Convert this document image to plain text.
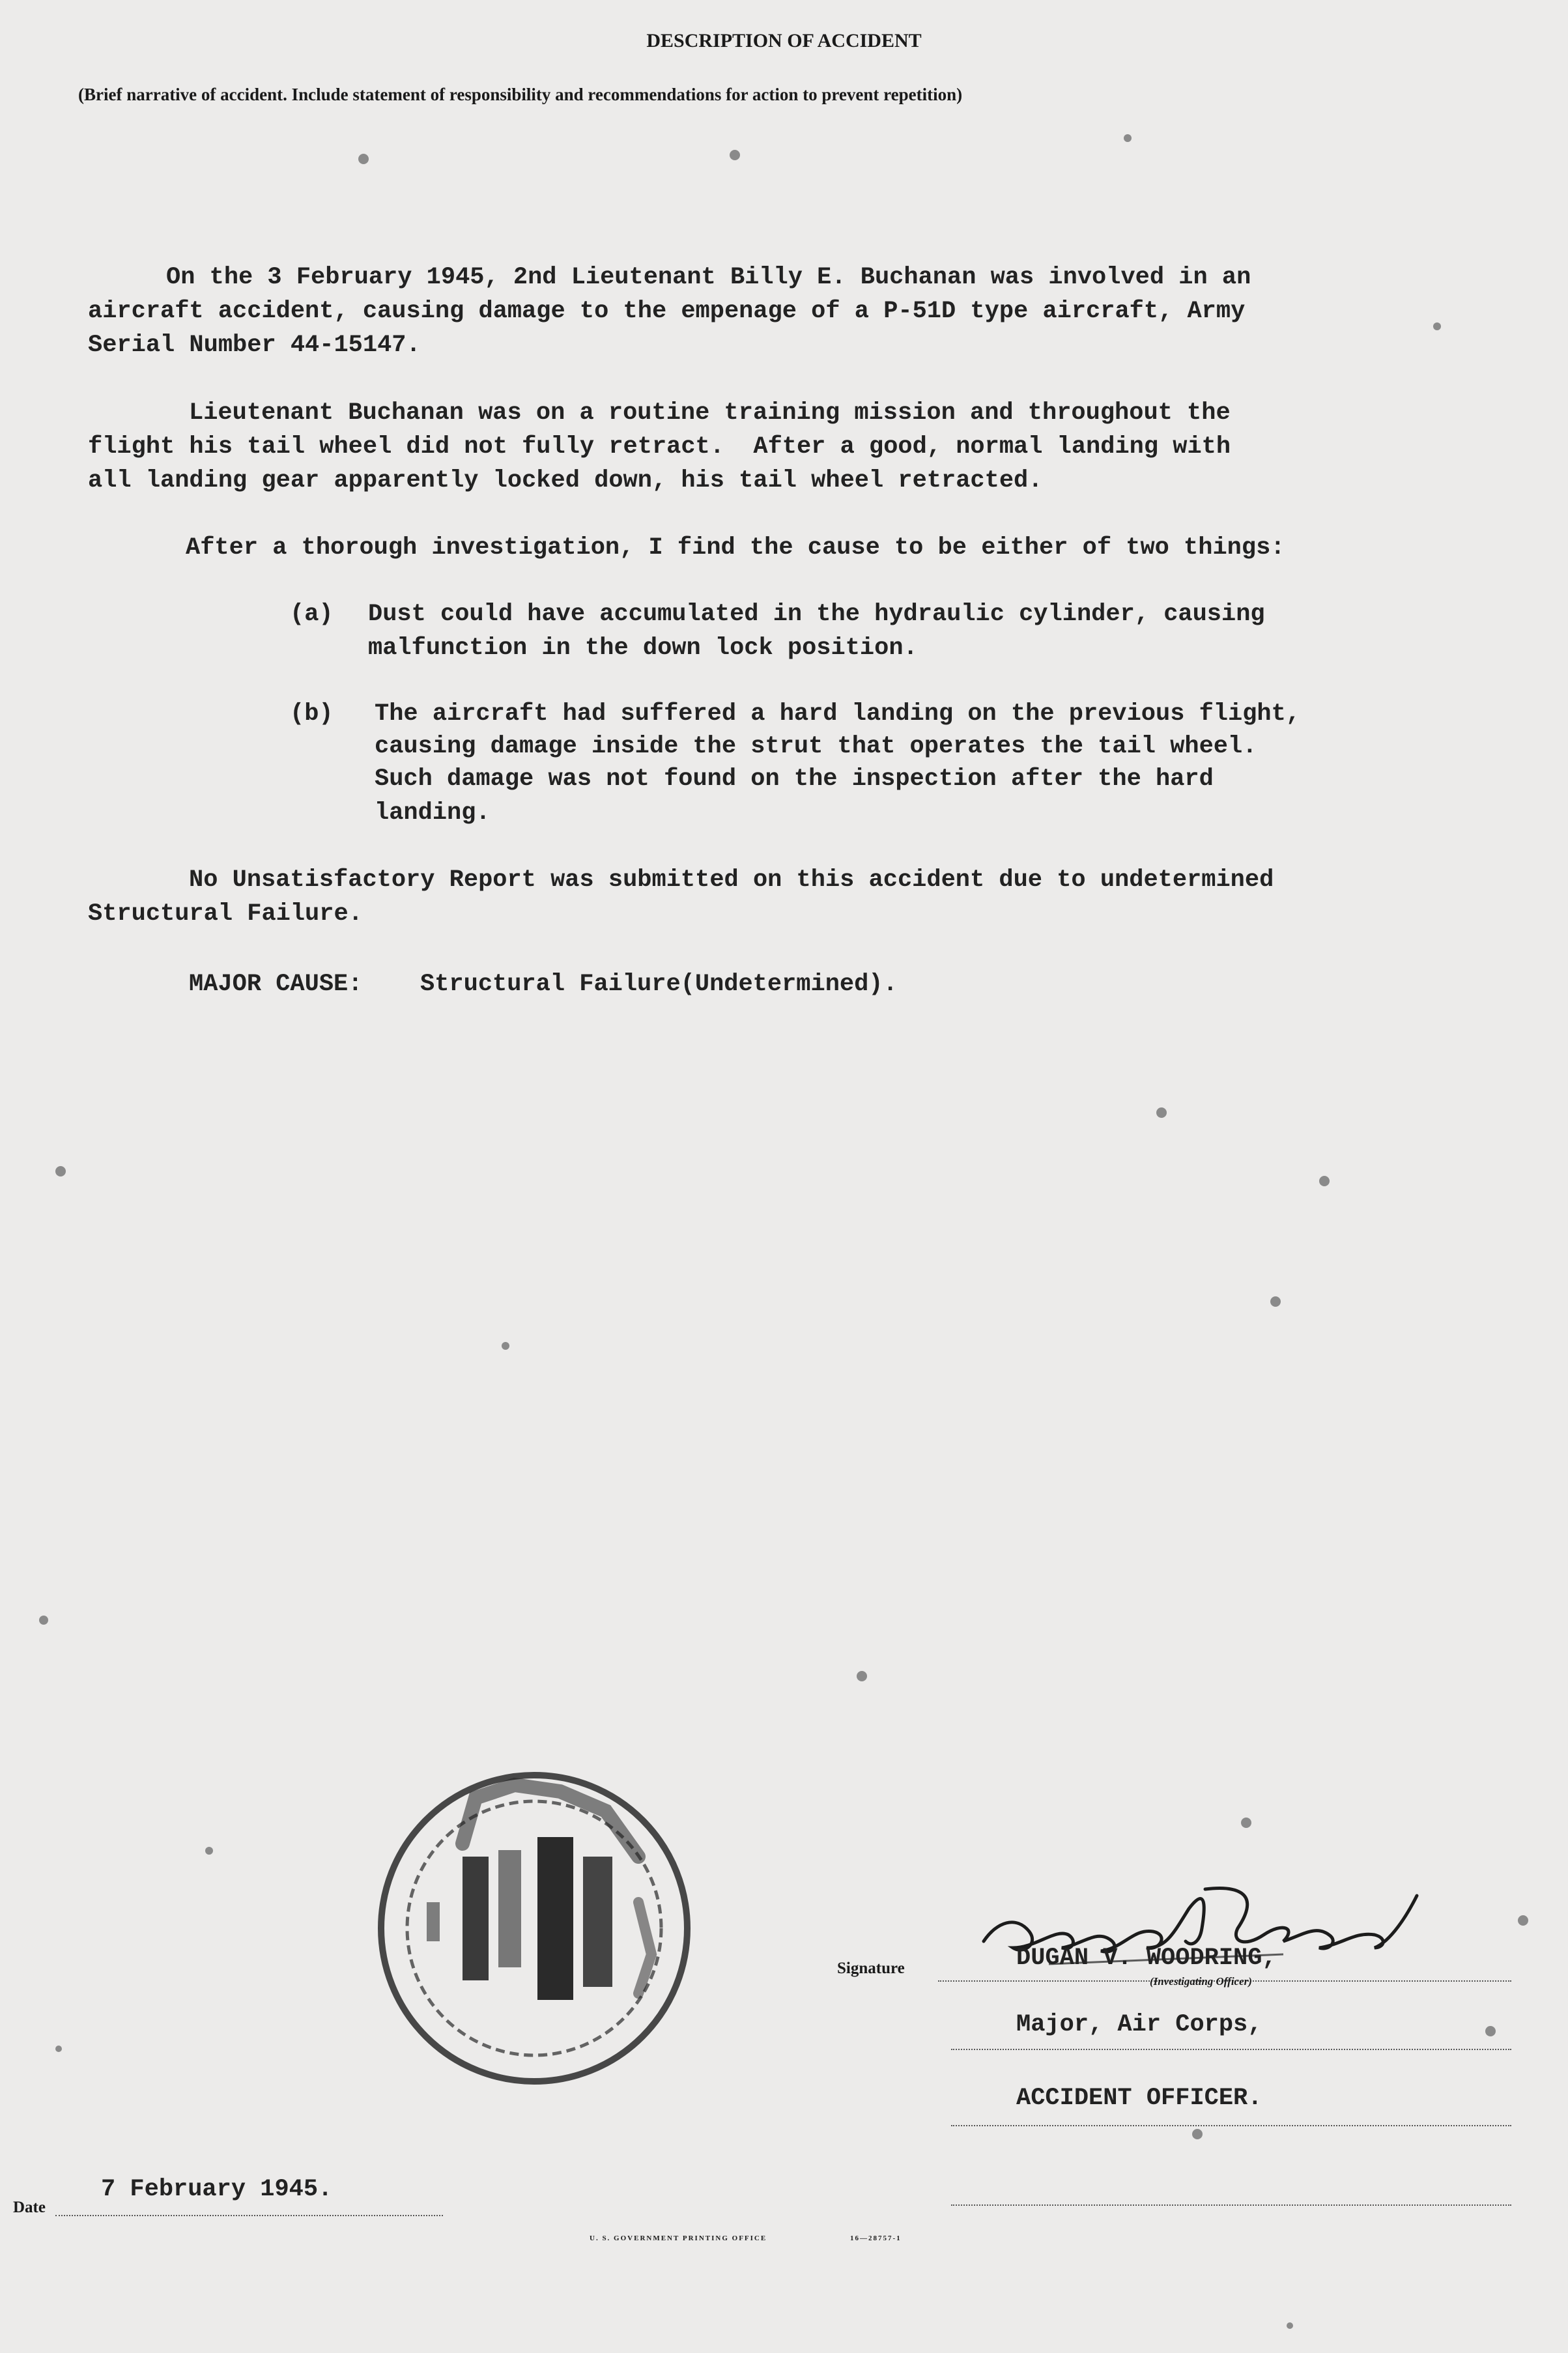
DESCRIPTION OF ACCIDENT
(Brief narrative of accident. Include statement of responsibility and recommendations for action to prevent repetition)
On the 3 February 1945, 2nd Lieutenant Billy E. Buchanan was involved in an
aircraft accident, causing damage to the empenage of a P-51D type aircraft, Army
Serial Number 44-15147.
Lieutenant Buchanan was on a routine training mission and throughout the
flight his tail wheel did not fully retract.  After a good, normal landing with
all landing gear apparently locked down, his tail wheel retracted.
After a thorough investigation, I find the cause to be either of two things:
(a) Dust could have accumulated in the hydraulic cylinder, causing
malfunction in the down lock position.
(b) The aircraft had suffered a hard landing on the previous flight,
causing damage inside the strut that operates the tail wheel.
Such damage was not found on the inspection after the hard
landing.
No Unsatisfactory Report was submitted on this accident due to undetermined
Structural Failure.
MAJOR CAUSE: Structural Failure(Undetermined).
Signature	DUGAN V. WOODRING,
(Investigating Officer)
Major, Air Corps,
ACCIDENT OFFICER.
Date
7 February 1945.
U. S. GOVERNMENT PRINTING OFFICE	16—28757-1
